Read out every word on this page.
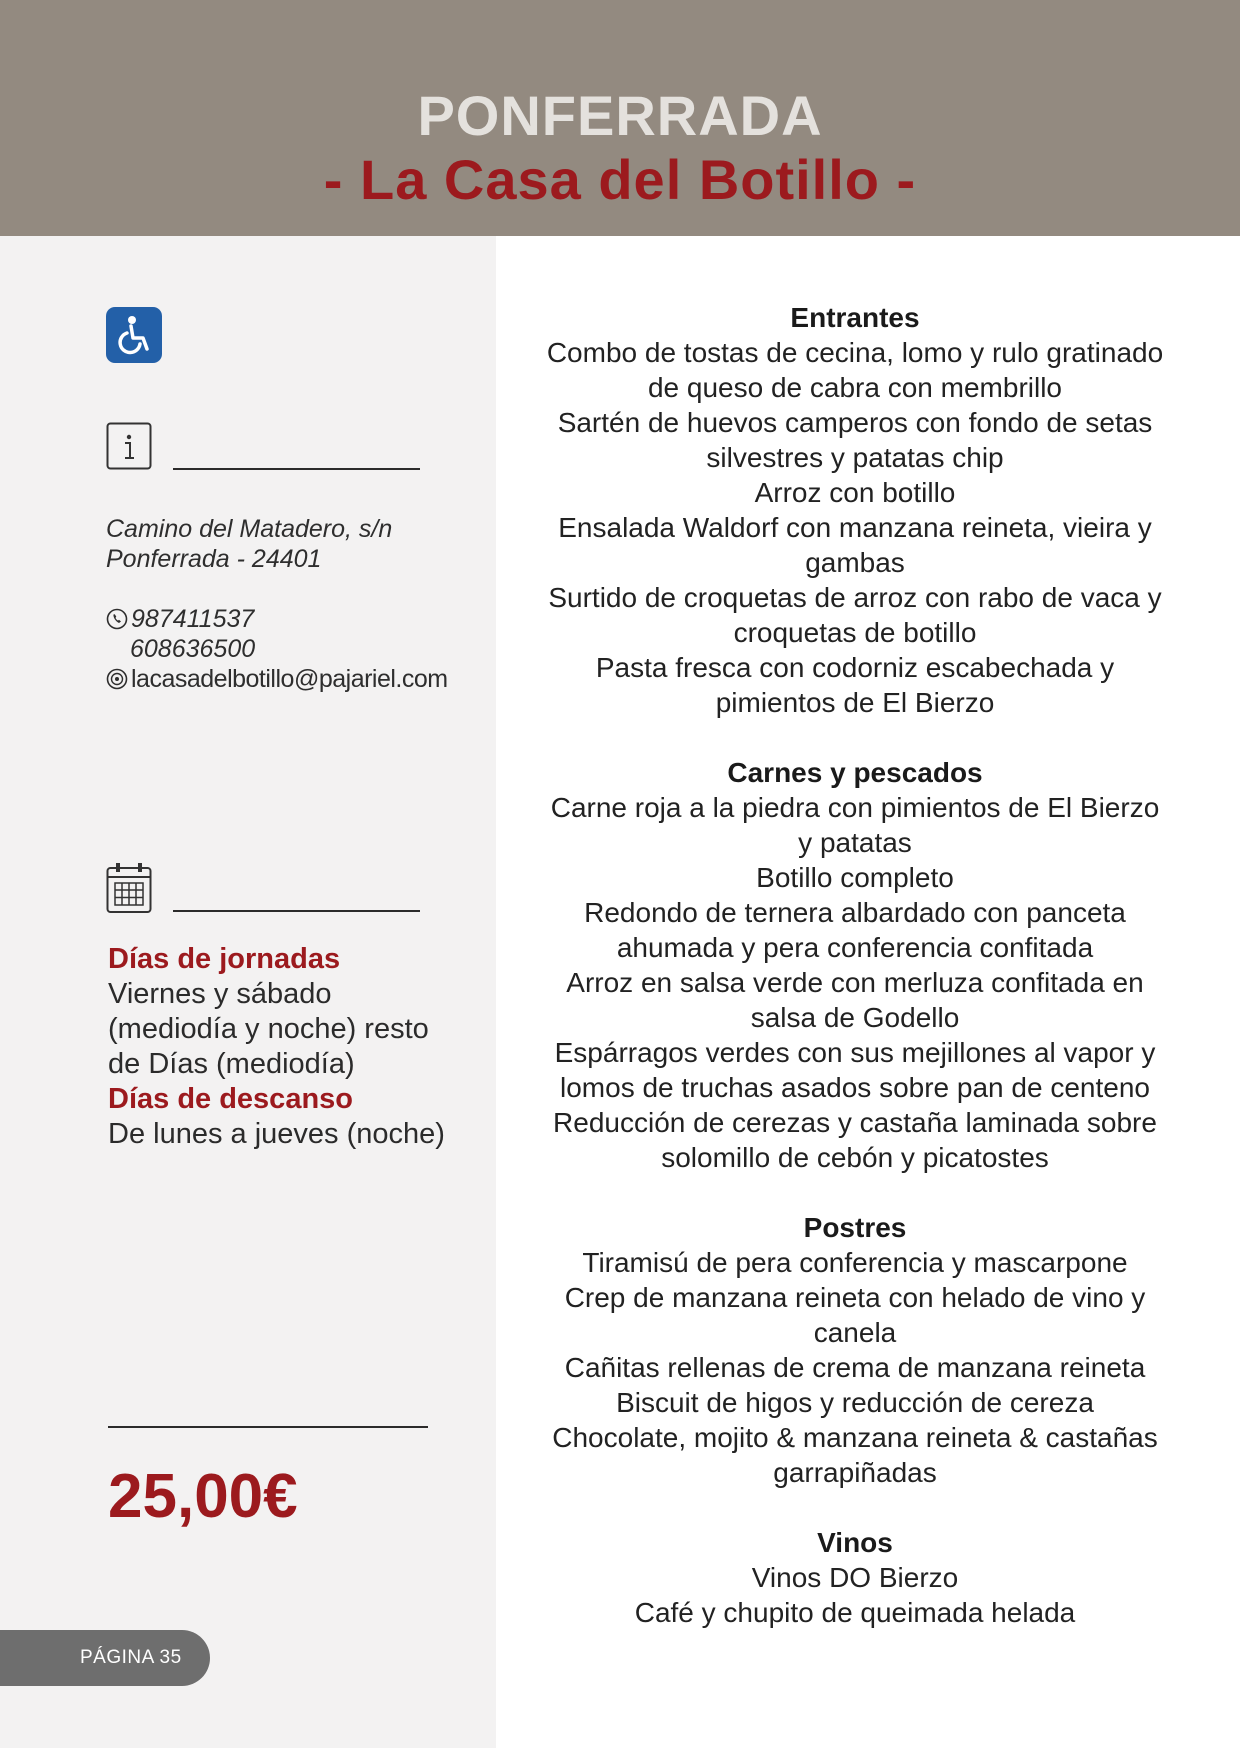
PONFERRADA
- La Casa del Botillo -
Camino del Matadero, s/n
Ponferrada - 24401
987411537
608636500
lacasadelbotillo@pajariel.com
Días de jornadas
Viernes y sábado (mediodía y noche) resto de Días (mediodía)
Días de descanso
De lunes a jueves (noche)
25,00€
PÁGINA 35
Entrantes

Combo de tostas de cecina, lomo y rulo gratinado de queso de cabra con membrillo

Sartén de huevos camperos con fondo de setas silvestres y patatas chip

Arroz con botillo

Ensalada Waldorf con manzana reineta, vieira y gambas

Surtido de croquetas de arroz con rabo de vaca y croquetas de botillo

Pasta fresca con codorniz escabechada y pimientos de El Bierzo

Carnes y pescados

Carne roja a la piedra con pimientos de El Bierzo y patatas

Botillo completo

Redondo de ternera albardado con panceta ahumada y pera conferencia confitada

Arroz en salsa verde con merluza confitada en salsa de Godello

Espárragos verdes con sus mejillones al vapor y lomos de truchas asados sobre pan de centeno

Reducción de cerezas y castaña laminada sobre solomillo de cebón y picatostes

Postres

Tiramisú de pera conferencia y mascarpone

Crep de manzana reineta con helado de vino y canela

Cañitas rellenas de crema de manzana reineta

Biscuit de higos y reducción de cereza

Chocolate, mojito & manzana reineta & castañas garrapiñadas

Vinos

Vinos DO Bierzo

Café y chupito de queimada helada
